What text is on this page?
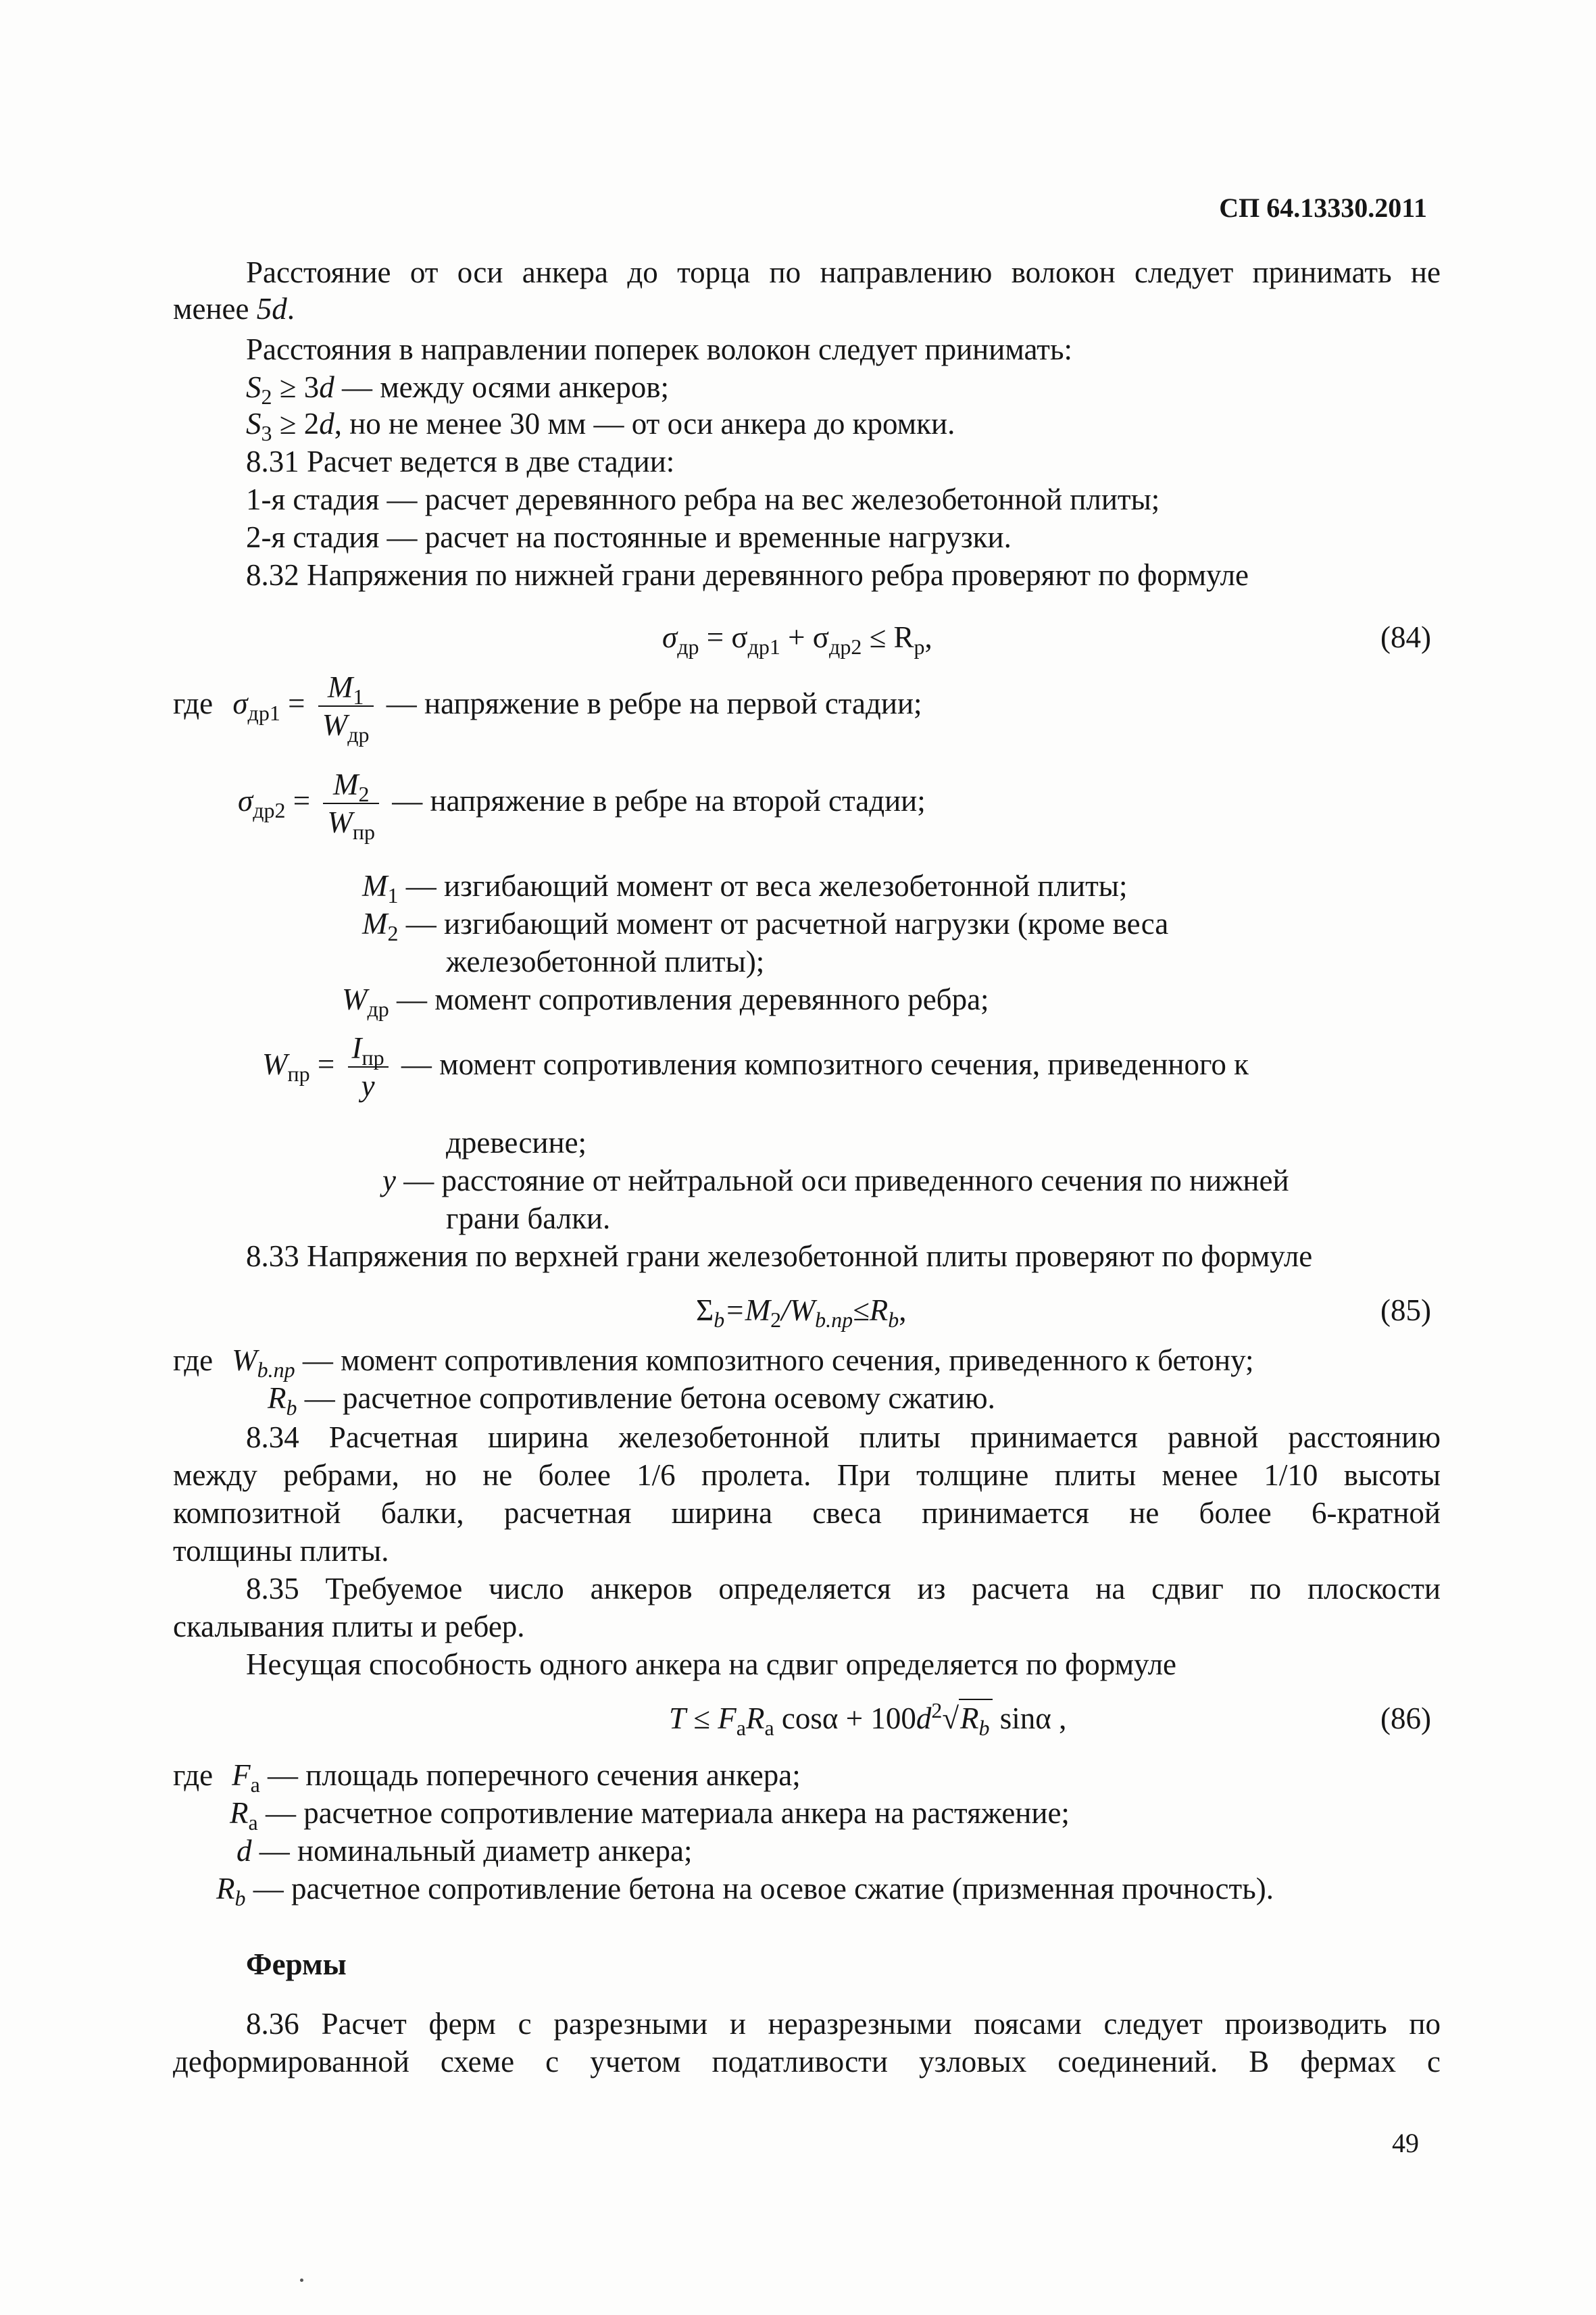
СП 64.13330.2011
Расстояние от оси анкера до торца по направлению волокон следует принимать не
менее 5d.
Расстояния в направлении поперек волокон следует принимать:
$S_2 \ge 3d$ — между осями анкеров;
$S_3 \ge 2d$, но не менее 30 мм — от оси анкера до кромки.
8.31 Расчет ведется в две стадии:
1-я стадия — расчет деревянного ребра на вес железобетонной плиты;
2-я стадия — расчет на постоянные и временные нагрузки.
8.32 Напряжения по нижней грани деревянного ребра проверяют по формуле
$\sigma_{др} = \sigma_{др1} + \sigma_{др2} \le R_р$,	(84)
где $\sigma_{др1} = \frac{M_1}{W_{др}}$ — напряжение в ребре на первой стадии;
$\sigma_{др2} = \frac{M_2}{W_{пр}}$ — напряжение в ребре на второй стадии;
$M_1$ — изгибающий момент от веса железобетонной плиты;
$M_2$ — изгибающий момент от расчетной нагрузки (кроме веса
железобетонной плиты);
$W_{др}$ — момент сопротивления деревянного ребра;
$W_{пр} = \frac{I_{пр}}{y}$ — момент сопротивления композитного сечения, приведенного к
древесине;
y — расстояние от нейтральной оси приведенного сечения по нижней
грани балки.
8.33 Напряжения по верхней грани железобетонной плиты проверяют по формуле
$\Sigma_b=M_2/W_{b.пр}\le R_b$,	(85)
где $W_{b.пр}$ — момент сопротивления композитного сечения, приведенного к бетону;
$R_b$ — расчетное сопротивление бетона осевому сжатию.
8.34 Расчетная ширина железобетонной плиты принимается равной расстоянию
между ребрами, но не более 1/6 пролета. При толщине плиты менее 1/10 высоты
композитной балки, расчетная ширина свеса принимается не более 6-кратной
толщины плиты.
8.35 Требуемое число анкеров определяется из расчета на сдвиг по плоскости
скалывания плиты и ребер.
Несущая способность одного анкера на сдвиг определяется по формуле
$T \le F_aR_a$ $\cos\alpha + 100d^2√R_b$ sinα ,	(86)
где $F_a$ — площадь поперечного сечения анкера;
$R_a$ — расчетное сопротивление материала анкера на растяжение;
d — номинальный диаметр анкера;
$R_b$ — расчетное сопротивление бетона на осевое сжатие (призменная прочность).
Фермы
8.36 Расчет ферм с разрезными и неразрезными поясами следует производить по
деформированной схеме с учетом податливости узловых соединений. В фермах с
49
